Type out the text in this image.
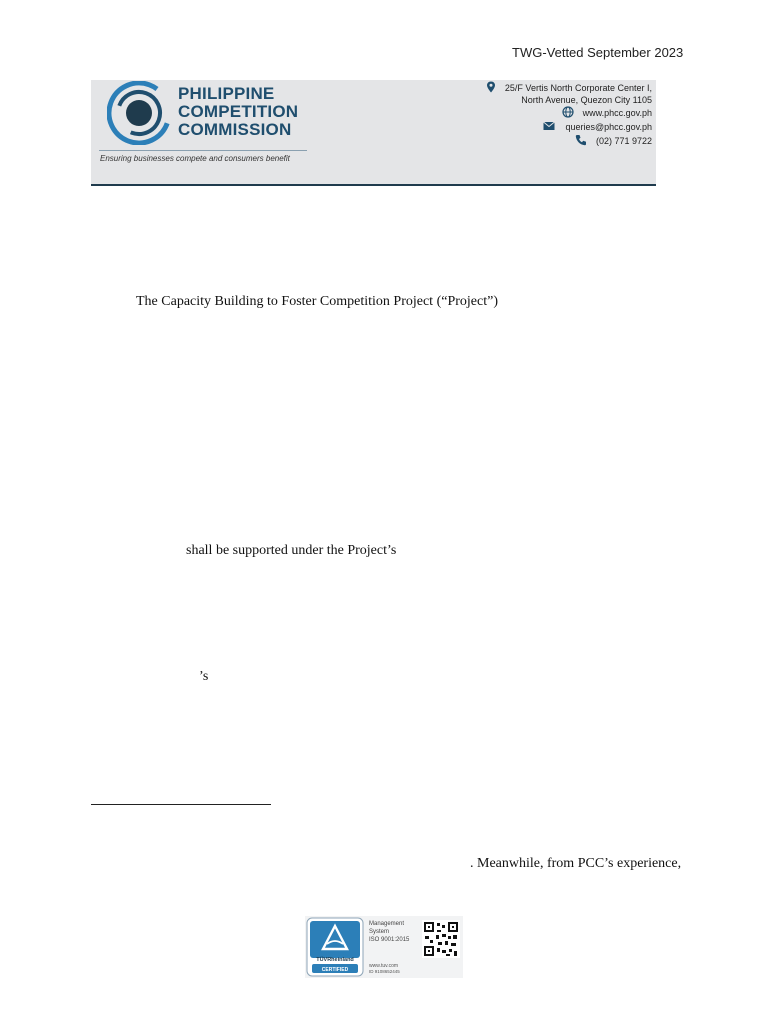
TWG-Vetted September 2023
PHILIPPINE
COMPETITION
COMMISSION
Ensuring businesses compete and consumers benefit
25/F Vertis North Corporate Center I,
North Avenue, Quezon City 1105
www.phcc.gov.ph
queries@phcc.gov.ph
(02) 771 9722
The Capacity Building to Foster Competition Project (“Project”)
shall be supported under the Project’s
’s
. Meanwhile, from PCC’s experience,
TÜVRheinland
CERTIFIED
Management
System
ISO 9001:2015
www.tuv.com
ID 9108652445
